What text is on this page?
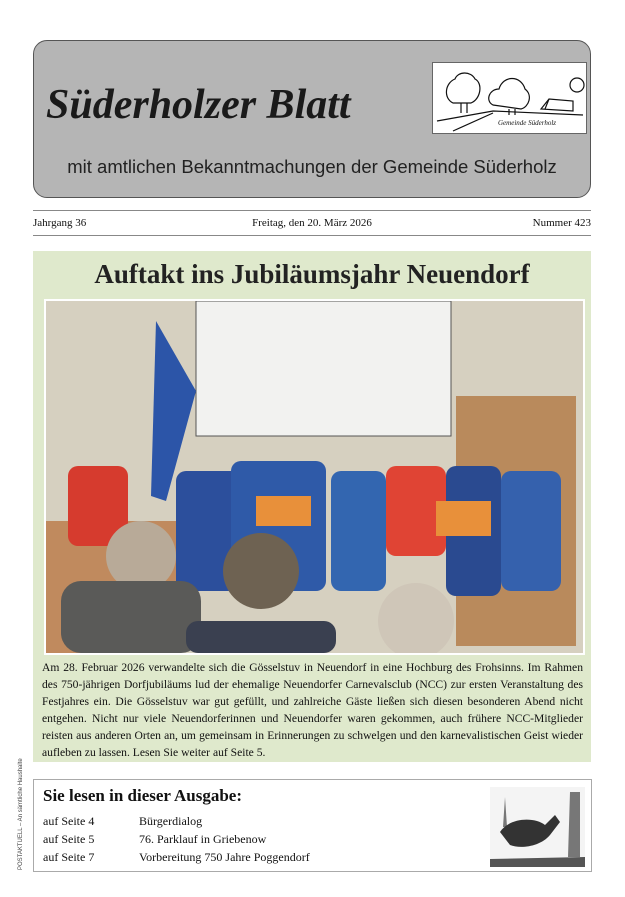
Süderholzer Blatt	Gemeinde Süderholz
mit amtlichen Bekanntmachungen der Gemeinde Süderholz
Jahrgang 36	Freitag, den 20. März 2026	Nummer 423
Auftakt ins Jubiläumsjahr Neuendorf
Am 28. Februar 2026 verwandelte sich die Gösselstuv in Neuendorf in eine Hochburg des Frohsinns. Im Rahmen des 750-jährigen Dorfjubiläums lud der ehemalige Neuendorfer Carnevalsclub (NCC) zur ersten Veranstaltung des Festjahres ein. Die Gösselstuv war gut gefüllt, und zahlreiche Gäste ließen sich diesen besonderen Abend nicht entgehen. Nicht nur viele Neuendorferinnen und Neuendorfer waren gekommen, auch frühere NCC-Mitglieder reisten aus anderen Orten an, um gemeinsam in Erinnerungen zu schwelgen und den karnevalistischen Geist wieder aufleben zu lassen. Lesen Sie weiter auf Seite 5.
POSTAKTUELL – An sämtliche Haushalte Sie lesen in dieser Ausgabe:
auf Seite 4	Bürgerdialog
auf Seite 5	76. Parklauf in Griebenow
auf Seite 7	Vorbereitung 750 Jahre Poggendorf
